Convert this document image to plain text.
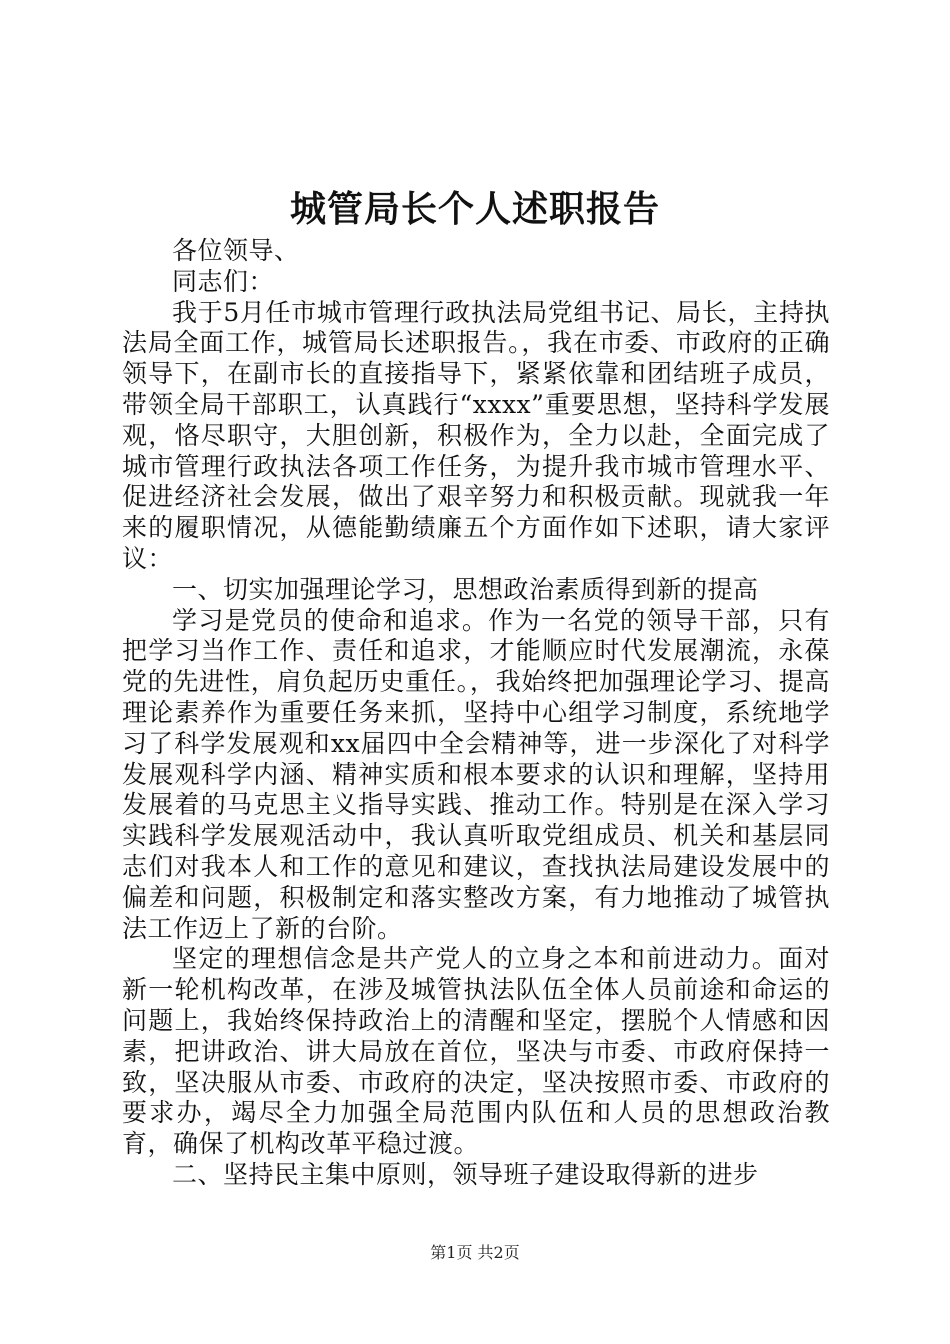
城管局长个人述职报告

各位领导、

同志们：

我于5月任市城市管理行政执法局党组书记、局长，主持执法局全面工作，城管局长述职报告。，我在市委、市政府的正确领导下，在副市长的直接指导下，紧紧依靠和团结班子成员，带领全局干部职工，认真践行“xxxx”重要思想，坚持科学发展观，恪尽职守，大胆创新，积极作为，全力以赴，全面完成了城市管理行政执法各项工作任务，为提升我市城市管理水平、促进经济社会发展，做出了艰辛努力和积极贡献。现就我一年来的履职情况，从德能勤绩廉五个方面作如下述职，请大家评议：

一、切实加强理论学习，思想政治素质得到新的提高

学习是党员的使命和追求。作为一名党的领导干部，只有把学习当作工作、责任和追求，才能顺应时代发展潮流，永葆党的先进性，肩负起历史重任。，我始终把加强理论学习、提高理论素养作为重要任务来抓，坚持中心组学习制度，系统地学习了科学发展观和xx届四中全会精神等，进一步深化了对科学发展观科学内涵、精神实质和根本要求的认识和理解，坚持用发展着的马克思主义指导实践、推动工作。特别是在深入学习实践科学发展观活动中，我认真听取党组成员、机关和基层同志们对我本人和工作的意见和建议，查找执法局建设发展中的偏差和问题，积极制定和落实整改方案，有力地推动了城管执法工作迈上了新的台阶。

坚定的理想信念是共产党人的立身之本和前进动力。面对新一轮机构改革，在涉及城管执法队伍全体人员前途和命运的问题上，我始终保持政治上的清醒和坚定，摆脱个人情感和因素，把讲政治、讲大局放在首位，坚决与市委、市政府保持一致，坚决服从市委、市政府的决定，坚决按照市委、市政府的要求办，竭尽全力加强全局范围内队伍和人员的思想政治教育，确保了机构改革平稳过渡。

二、坚持民主集中原则，领导班子建设取得新的进步

第1页 共2页
